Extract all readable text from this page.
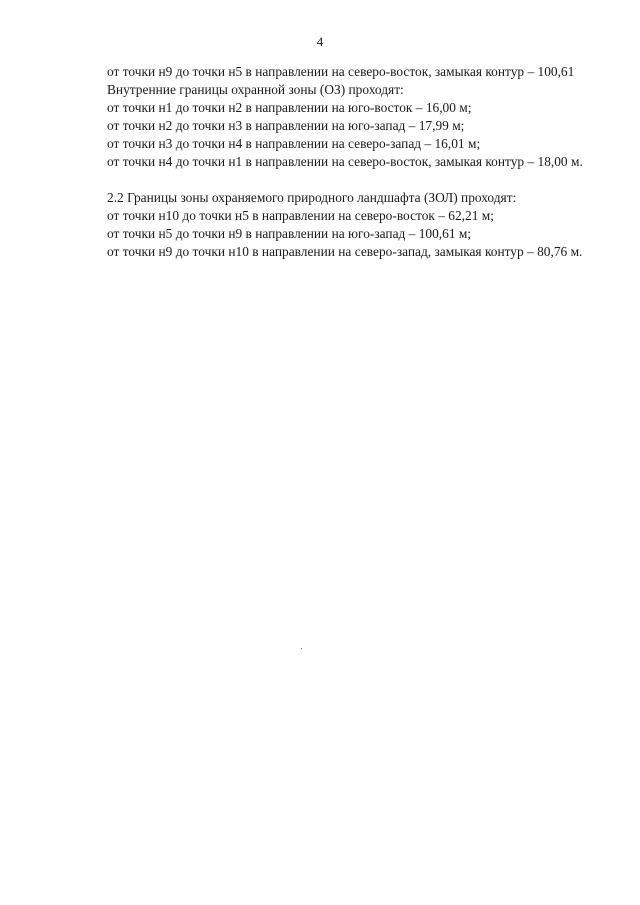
4

от точки н9 до точки н5 в направлении на северо-восток, замыкая контур – 100,61

Внутренние границы охранной зоны (ОЗ) проходят:

от точки н1 до точки н2 в направлении на юго-восток – 16,00 м;

от точки н2 до точки н3 в направлении на юго-запад – 17,99 м;

от точки н3 до точки н4 в направлении на северо-запад – 16,01 м;

от точки н4 до точки н1 в направлении на северо-восток, замыкая контур – 18,00 м.

2.2 Границы зоны охраняемого природного ландшафта (ЗОЛ) проходят:

от точки н10 до точки н5 в направлении на северо-восток – 62,21 м;

от точки н5 до точки н9 в направлении на юго-запад – 100,61 м;

от точки н9 до точки н10 в направлении на северо-запад, замыкая контур – 80,76 м.
